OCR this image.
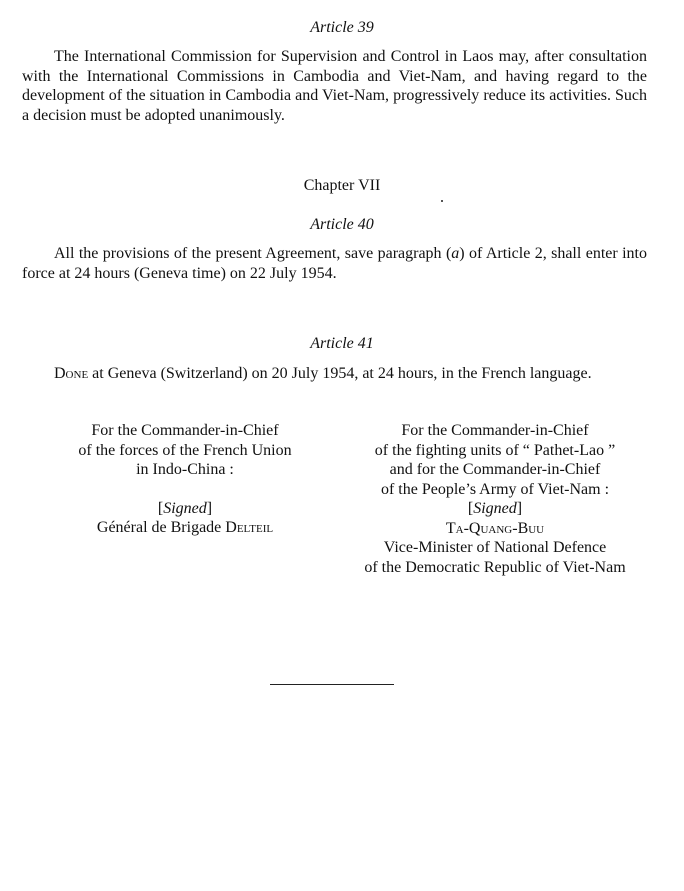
Article 39
The International Commission for Supervision and Control in Laos may, after consultation with the International Commissions in Cambodia and Viet-Nam, and having regard to the development of the situation in Cambodia and Viet-Nam, progressively reduce its activities. Such a decision must be adopted unanimously.
Chapter VII
Article 40
All the provisions of the present Agreement, save paragraph (a) of Article 2, shall enter into force at 24 hours (Geneva time) on 22 July 1954.
Article 41
Done at Geneva (Switzerland) on 20 July 1954, at 24 hours, in the French language.

For the Commander-in-Chief

of the forces of the French Union

in Indo-China :

[Signed]

Général de Brigade Delteil

For the Commander-in-Chief

of the fighting units of “ Pathet-Lao ”

and for the Commander-in-Chief

of the People’s Army of Viet-Nam :

[Signed]

Ta-Quang-Buu

Vice-Minister of National Defence

of the Democratic Republic of Viet-Nam
